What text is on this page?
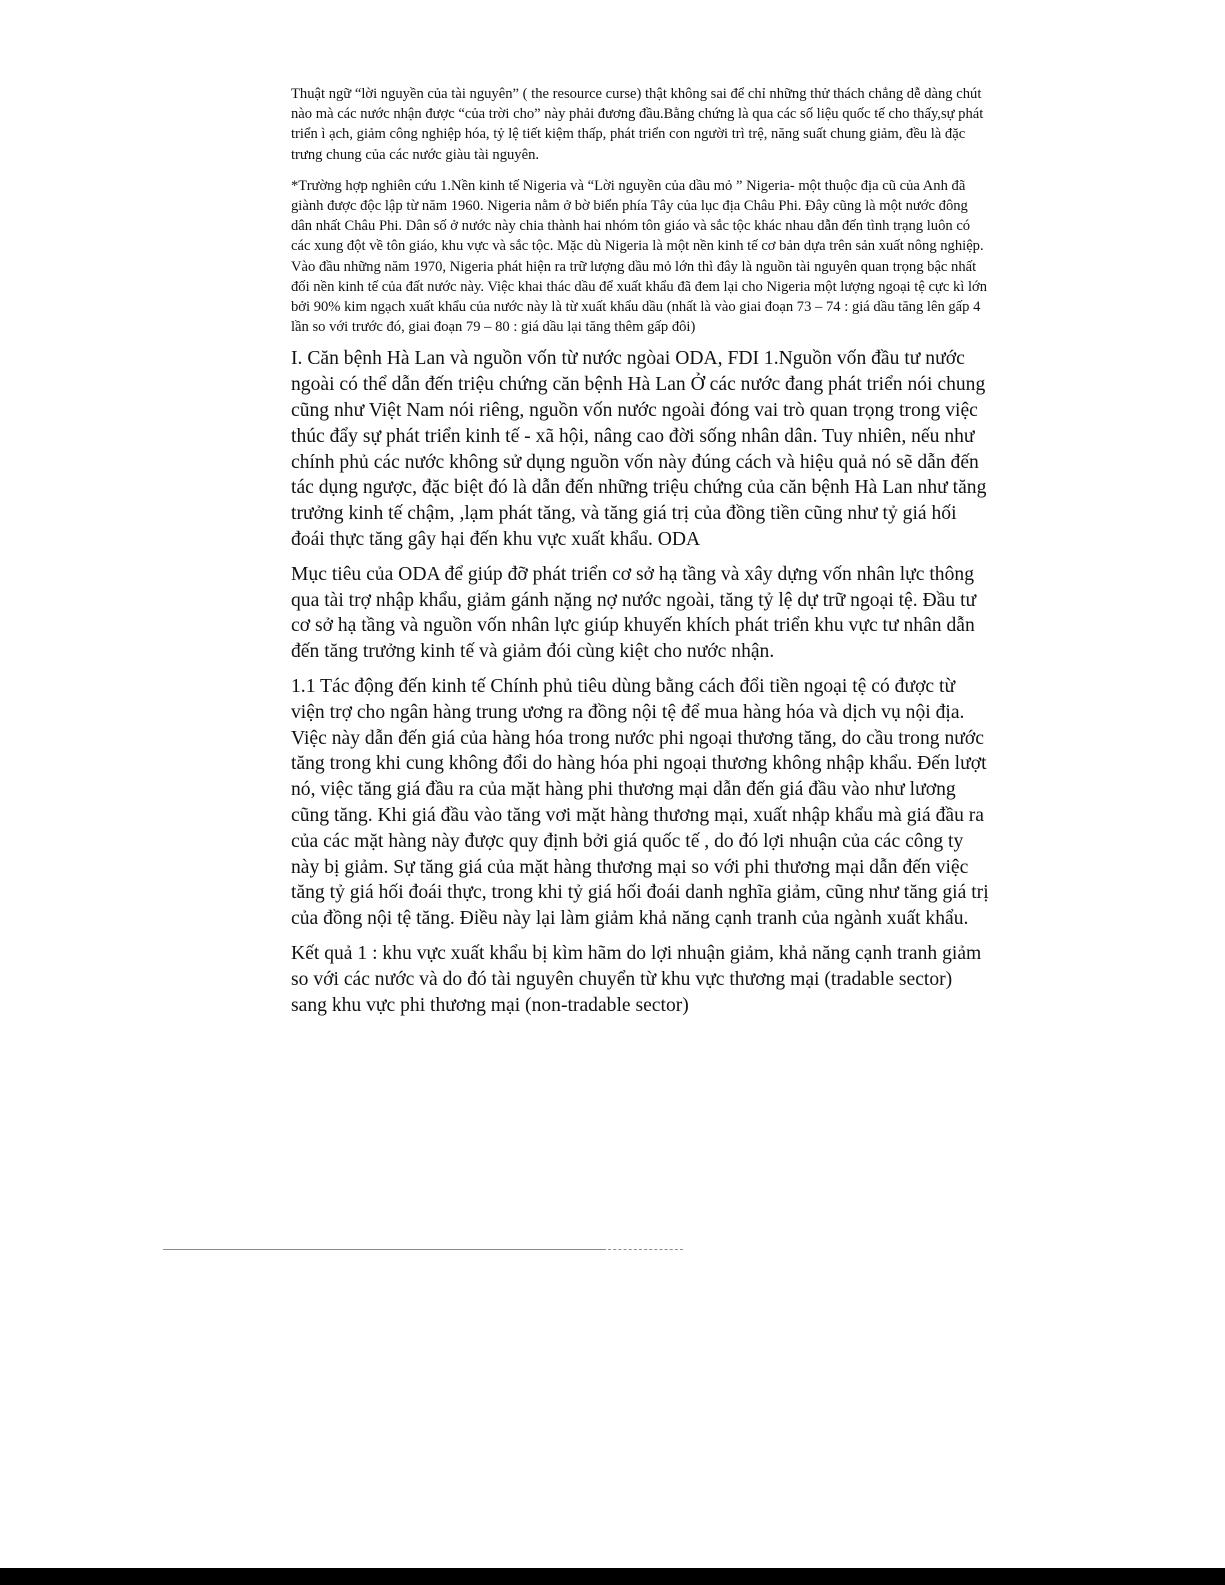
Thuật ngữ “lời nguyền của tài nguyên” ( the resource curse) thật không sai để chỉ những thử thách chẳng dễ dàng chút nào mà các nước nhận được “của trời cho” này phải đương đầu.Bằng chứng là qua các số liệu quốc tế cho thấy,sự phát triển ì ạch, giảm công nghiệp hóa, tỷ lệ tiết kiệm thấp, phát triển con người trì trệ, năng suất chung giảm, đều là đặc trưng chung của các nước giàu tài nguyên.

*Trường hợp nghiên cứu 1.Nền kinh tế Nigeria và “Lời nguyền của dầu mỏ ” Nigeria- một thuộc địa cũ của Anh đã giành được độc lập từ năm 1960. Nigeria nằm ở bờ biển phía Tây của lục địa Châu Phi. Đây cũng là một nước đông dân nhất Châu Phi. Dân số ở nước này chia thành hai nhóm tôn giáo và sắc tộc khác nhau dẫn đến tình trạng luôn có các xung đột về tôn giáo, khu vực và sắc tộc. Mặc dù Nigeria là một nền kinh tế cơ bản dựa trên sản xuất nông nghiệp. Vào đầu những năm 1970, Nigeria phát hiện ra trữ lượng dầu mỏ lớn thì đây là nguồn tài nguyên quan trọng bậc nhất đối nền kinh tế của đất nước này. Việc khai thác dầu để xuất khẩu đã đem lại cho Nigeria một lượng ngoại tệ cực kì lớn bởi 90% kim ngạch xuất khẩu của nước này là từ xuất khẩu dầu (nhất là vào giai đoạn 73 – 74 : giá dầu tăng lên gấp 4 lần so với trước đó, giai đoạn 79 – 80 : giá dầu lại tăng thêm gấp đôi)

I. Căn bệnh Hà Lan và nguồn vốn từ nước ngòai ODA, FDI 1.Nguồn vốn đầu tư nước ngoài có thể dẫn đến triệu chứng căn bệnh Hà Lan Ở các nước đang phát triển nói chung cũng như Việt Nam nói riêng, nguồn vốn nước ngoài đóng vai trò quan trọng trong việc thúc đẩy sự phát triển kinh tế - xã hội, nâng cao đời sống nhân dân. Tuy nhiên, nếu như chính phủ các nước không sử dụng nguồn vốn này đúng cách và hiệu quả nó sẽ dẫn đến tác dụng ngược, đặc biệt đó là dẫn đến những triệu chứng của căn bệnh Hà Lan như tăng trưởng kinh tế chậm, ,lạm phát tăng, và tăng giá trị của đồng tiền cũng như tỷ giá hối đoái thực tăng gây hại đến khu vực xuất khẩu. ODA

Mục tiêu của ODA để giúp đỡ phát triển cơ sở hạ tầng và xây dựng vốn nhân lực thông qua tài trợ nhập khẩu, giảm gánh nặng nợ nước ngoài, tăng tỷ lệ dự trữ ngoại tệ. Đầu tư cơ sở hạ tầng và nguồn vốn nhân lực giúp khuyến khích phát triển khu vực tư nhân dẫn đến tăng trưởng kinh tế và giảm đói cùng kiệt cho nước nhận.

1.1 Tác động đến kinh tế Chính phủ tiêu dùng bằng cách đổi tiền ngoại tệ có được từ viện trợ cho ngân hàng trung ương ra đồng nội tệ để mua hàng hóa và dịch vụ nội địa. Việc này dẫn đến giá của hàng hóa trong nước phi ngoại thương tăng, do cầu trong nước tăng trong khi cung không đổi do hàng hóa phi ngoại thương không nhập khẩu. Đến lượt nó, việc tăng giá đầu ra của mặt hàng phi thương mại dẫn đến giá đầu vào như lương cũng tăng. Khi giá đầu vào tăng vơi mặt hàng thương mại, xuất nhập khẩu mà giá đầu ra của các mặt hàng này được quy định bởi giá quốc tế , do đó lợi nhuận của các công ty này bị giảm. Sự tăng giá của mặt hàng thương mại so với phi thương mại dẫn đến việc tăng tỷ giá hối đoái thực, trong khi tỷ giá hối đoái danh nghĩa giảm, cũng như tăng giá trị của đồng nội tệ tăng. Điều này lại làm giảm khả năng cạnh tranh của ngành xuất khẩu.

Kết quả 1 : khu vực xuất khẩu bị kìm hãm do lợi nhuận giảm, khả năng cạnh tranh giảm so với các nước và do đó tài nguyên chuyển từ khu vực thương mại (tradable sector) sang khu vực phi thương mại (non-tradable sector)
